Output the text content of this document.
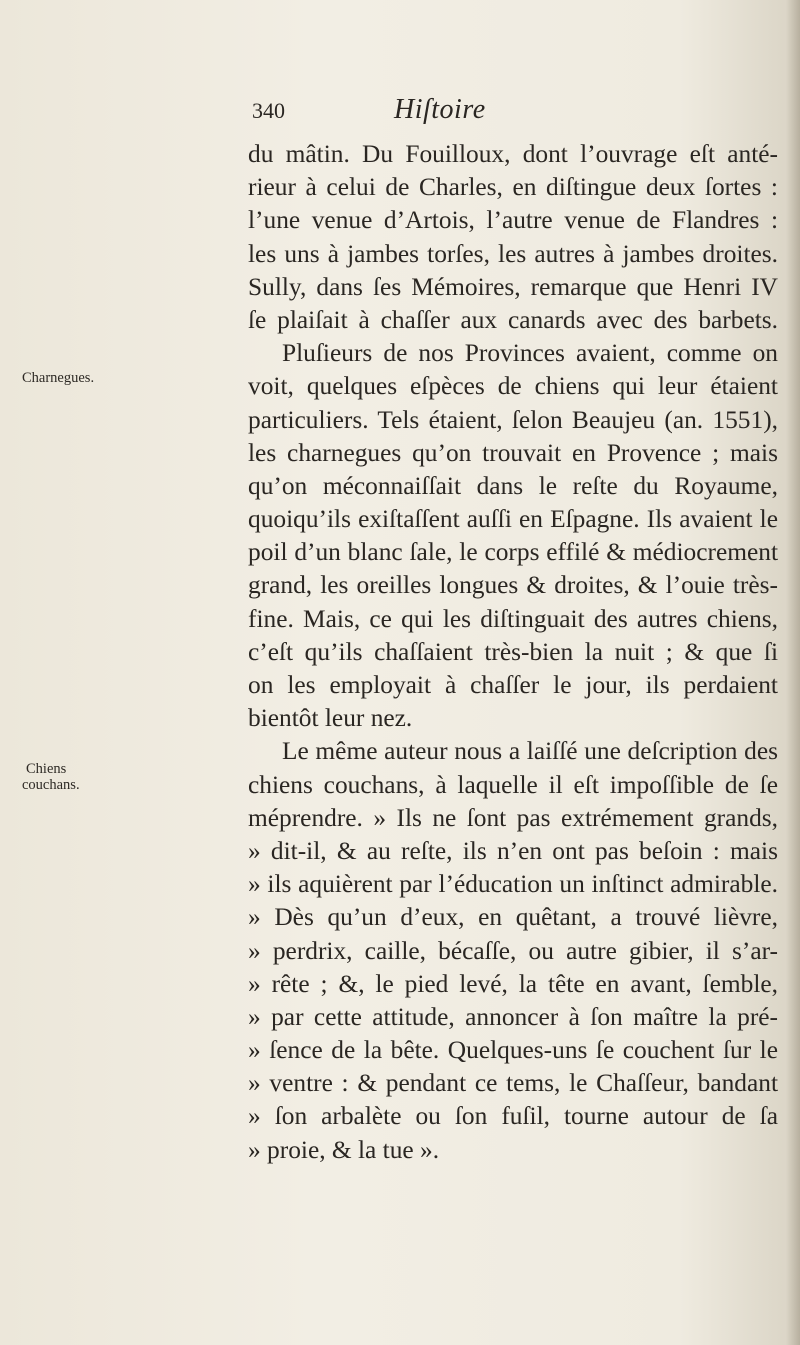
340	Hiſtoire
Charnegues.
Chiens
couchans.
du mâtin. Du Fouilloux, dont l’ouvrage eſt anté-
rieur à celui de Charles, en diſtingue deux ſortes :
l’une venue d’Artois, l’autre venue de Flandres :
les uns à jambes torſes, les autres à jambes droites.
Sully, dans ſes Mémoires, remarque que Henri IV
ſe plaiſait à chaſſer aux canards avec des barbets.
Pluſieurs de nos Provinces avaient, comme on
voit, quelques eſpèces de chiens qui leur étaient
particuliers. Tels étaient, ſelon Beaujeu (an. 1551),
les charnegues qu’on trouvait en Provence ; mais
qu’on méconnaiſſait dans le reſte du Royaume,
quoiqu’ils exiſtaſſent auſſi en Eſpagne. Ils avaient le
poil d’un blanc ſale, le corps effilé & médiocrement
grand, les oreilles longues & droites, & l’ouie très-
fine. Mais, ce qui les diſtinguait des autres chiens,
c’eſt qu’ils chaſſaient très-bien la nuit ; & que ſi
on les employait à chaſſer le jour, ils perdaient
bientôt leur nez.
Le même auteur nous a laiſſé une deſcription des
chiens couchans, à laquelle il eſt impoſſible de ſe
méprendre. » Ils ne ſont pas extrémement grands,
» dit-il, & au reſte, ils n’en ont pas beſoin : mais
» ils aquièrent par l’éducation un inſtinct admirable.
» Dès qu’un d’eux, en quêtant, a trouvé lièvre,
» perdrix, caille, bécaſſe, ou autre gibier, il s’ar-
» rête ; &, le pied levé, la tête en avant, ſemble,
» par cette attitude, annoncer à ſon maître la pré-
» ſence de la bête. Quelques-uns ſe couchent ſur le
» ventre : & pendant ce tems, le Chaſſeur, bandant
» ſon arbalète ou ſon fuſil, tourne autour de ſa
» proie, & la tue ».
